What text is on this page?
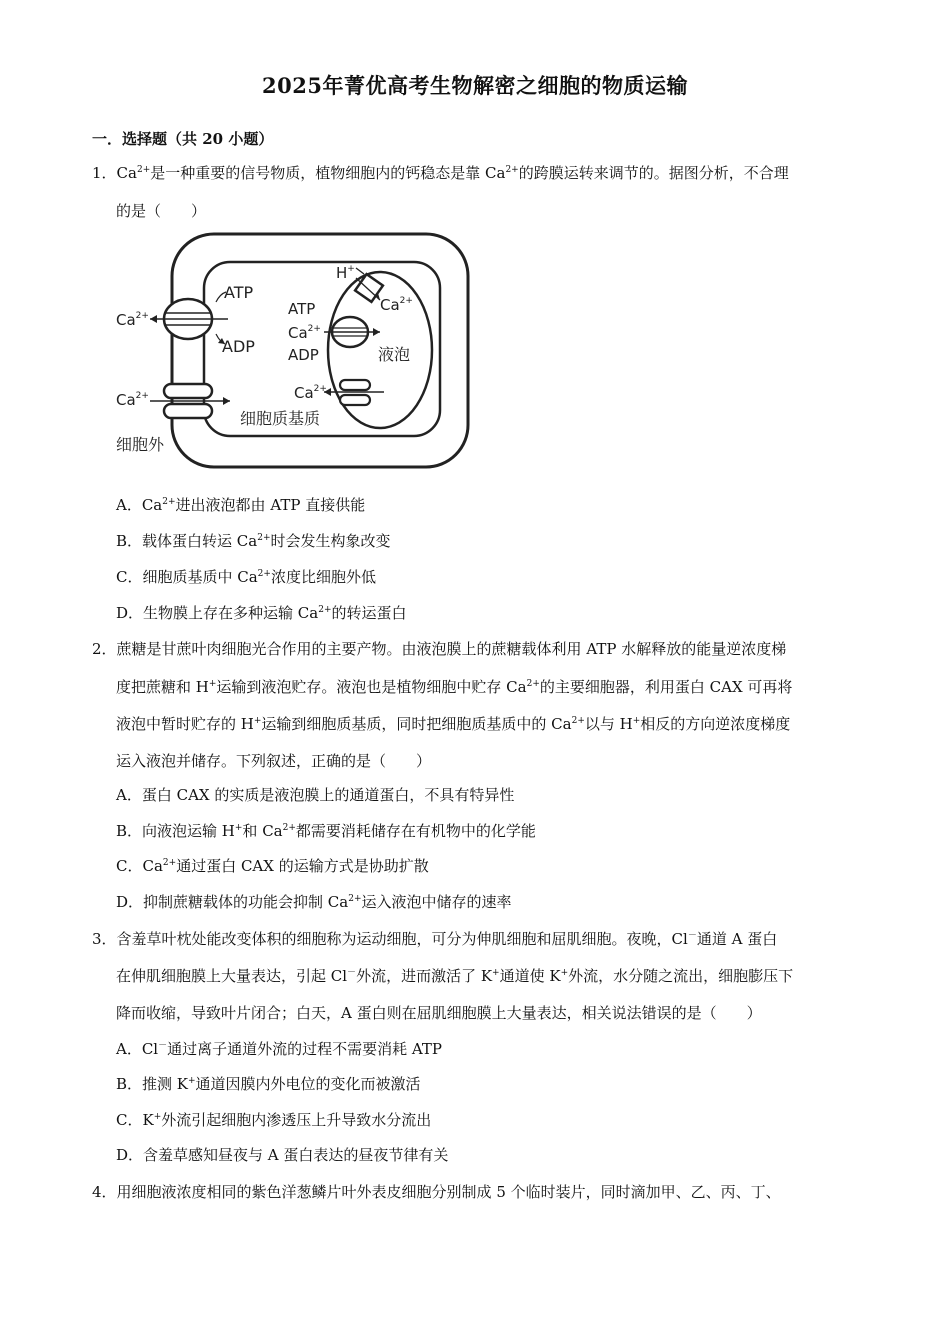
2025年菁优高考生物解密之细胞的物质运输
一．选择题（共 20 小题）
1．$Ca^{2+}$是一种重要的信号物质，植物细胞内的钙稳态是靠 $Ca^{2+}$的跨膜运转来调节的。据图分析，不合理
的是（　　）
ATP
ADP
$Ca^{2+}$
$Ca^{2+}$
H+
$Ca^{2+}$
ATP
$Ca^{2+}$
ADP	液泡
$Ca^{2+}$
细胞质基质
细胞外
A．$Ca^{2+}$进出液泡都由 ATP 直接供能
B．载体蛋白转运 $Ca^{2+}$时会发生构象改变
C．细胞质基质中 $Ca^{2+}$浓度比细胞外低
D．生物膜上存在多种运输 $Ca^{2+}$的转运蛋白
2．蔗糖是甘蔗叶肉细胞光合作用的主要产物。由液泡膜上的蔗糖载体利用 ATP 水解释放的能量逆浓度梯
度把蔗糖和 H+运输到液泡贮存。液泡也是植物细胞中贮存 $Ca^{2+}$的主要细胞器，利用蛋白 CAX 可再将
液泡中暂时贮存的 H+运输到细胞质基质，同时把细胞质基质中的 $Ca^{2+}$以与 H+相反的方向逆浓度梯度
运入液泡并储存。下列叙述，正确的是（　　）
A．蛋白 CAX 的实质是液泡膜上的通道蛋白，不具有特异性
B．向液泡运输 H+和 $Ca^{2+}$都需要消耗储存在有机物中的化学能
C．$Ca^{2+}$通过蛋白 CAX 的运输方式是协助扩散
D．抑制蔗糖载体的功能会抑制 $Ca^{2+}$运入液泡中储存的速率
3．含羞草叶枕处能改变体积的细胞称为运动细胞，可分为伸肌细胞和屈肌细胞。夜晚，Cl－通道 A 蛋白
在伸肌细胞膜上大量表达，引起 Cl－外流，进而激活了 K+通道使 K+外流，水分随之流出，细胞膨压下
降而收缩，导致叶片闭合；白天，A 蛋白则在屈肌细胞膜上大量表达，相关说法错误的是（　　）
A．Cl－通过离子通道外流的过程不需要消耗 ATP
B．推测 K+通道因膜内外电位的变化而被激活
C．K+外流引起细胞内渗透压上升导致水分流出
D．含羞草感知昼夜与 A 蛋白表达的昼夜节律有关
4．用细胞液浓度相同的紫色洋葱鳞片叶外表皮细胞分别制成 5 个临时装片，同时滴加甲、乙、丙、丁、
